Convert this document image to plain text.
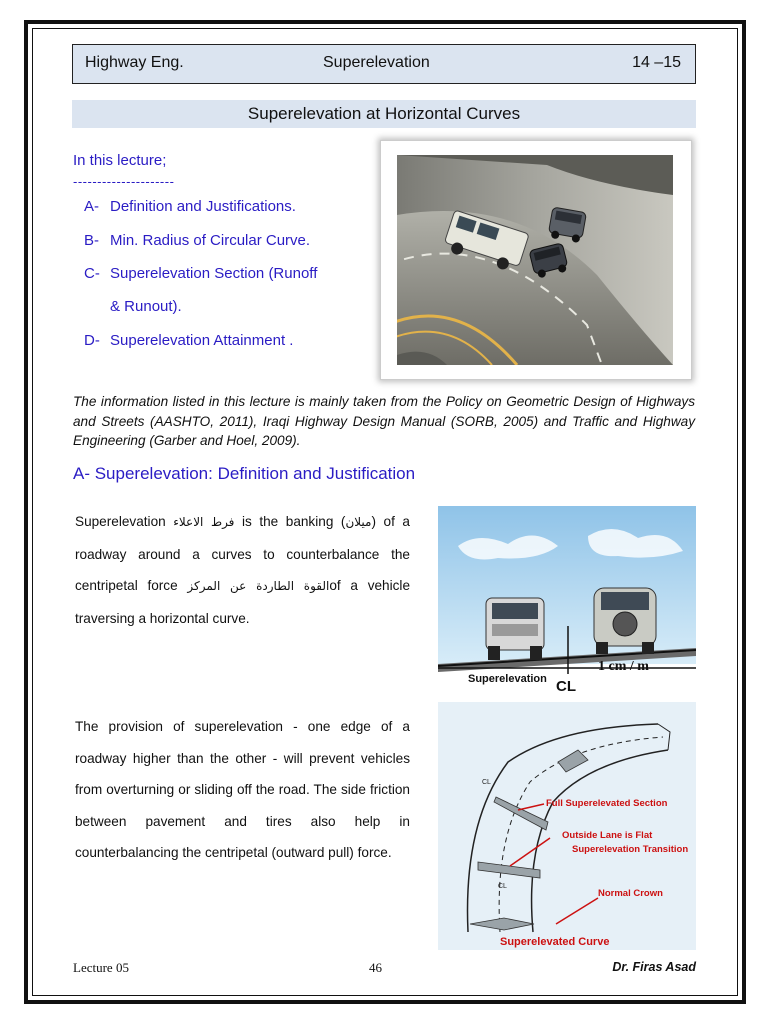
Highway Eng.	Superelevation	14 –15
Superelevation at Horizontal Curves
In this lecture;
---------------------
A- Definition and Justifications.
B- Min. Radius of Circular Curve.
C- Superelevation Section (Runoff
& Runout).
D- Superelevation Attainment .
The information listed in this lecture is mainly taken from the Policy on Geometric Design of Highways and Streets (AASHTO, 2011), Iraqi Highway Design Manual (SORB, 2005) and Traffic and Highway Engineering (Garber and Hoel, 2009).
A- Superelevation: Definition and Justification
Superelevation فرط الاعلاء is the banking (ميلان) of a roadway around a curves to counterbalance the centripetal force القوة الطاردة عن المركزof a vehicle traversing a horizontal curve.
The provision of superelevation - one edge of a roadway higher than the other - will prevent vehicles from overturning or sliding off the road. The side friction between pavement and tires also help in counterbalancing the centripetal (outward pull) force.
Superelevation CL
1 cm / m
CL
CL
Full Superelevated Section
Outside Lane is Flat
Superelevation Transition
Normal Crown
Superelevated Curve
Lecture 05	46	Dr. Firas Asad
